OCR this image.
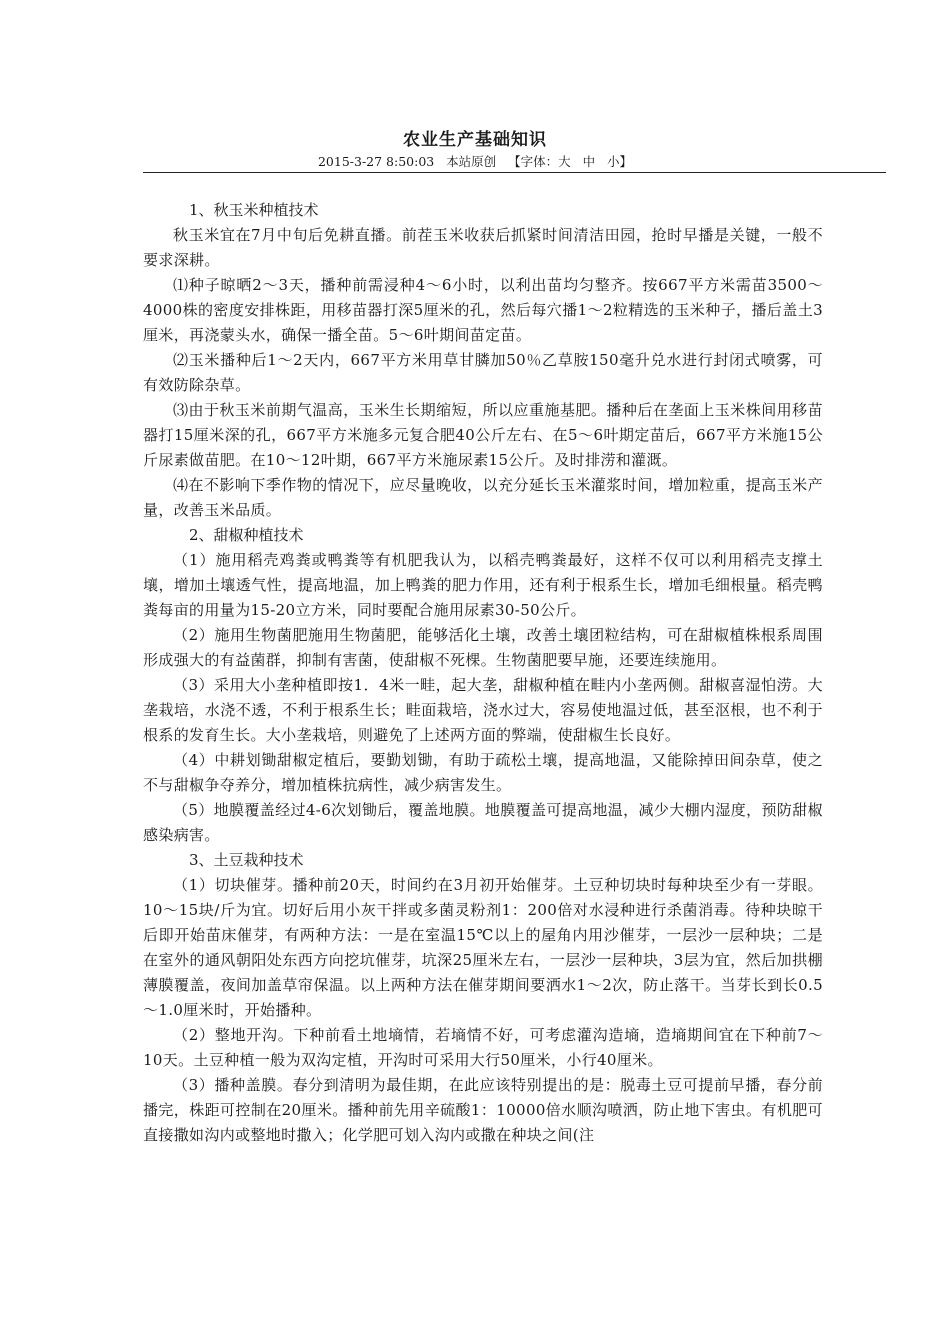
农业生产基础知识
2015-3-27 8:50:03 本站原创 【字体：大 中 小】

1、秋玉米种植技术

秋玉米宜在7月中旬后免耕直播。前茬玉米收获后抓紧时间清洁田园，抢时早播是关键，一般不要求深耕。

⑴种子晾晒2～3天，播种前需浸种4～6小时，以利出苗均匀整齐。按667平方米需苗3500～4000株的密度安排株距，用移苗器打深5厘米的孔，然后每穴播1～2粒精选的玉米种子，播后盖土3厘米，再浇蒙头水，确保一播全苗。5～6叶期间苗定苗。

⑵玉米播种后1～2天内，667平方米用草甘膦加50％乙草胺150毫升兑水进行封闭式喷雾，可有效防除杂草。

⑶由于秋玉米前期气温高，玉米生长期缩短，所以应重施基肥。播种后在垄面上玉米株间用移苗器打15厘米深的孔，667平方米施多元复合肥40公斤左右、在5～6叶期定苗后，667平方米施15公斤尿素做苗肥。在10～12叶期，667平方米施尿素15公斤。及时排涝和灌溉。

⑷在不影响下季作物的情况下，应尽量晚收，以充分延长玉米灌浆时间，增加粒重，提高玉米产量，改善玉米品质。

2、甜椒种植技术

（1）施用稻壳鸡粪或鸭粪等有机肥我认为，以稻壳鸭粪最好，这样不仅可以利用稻壳支撑土壤，增加土壤透气性，提高地温，加上鸭粪的肥力作用，还有利于根系生长，增加毛细根量。稻壳鸭粪每亩的用量为15-20立方米，同时要配合施用尿素30-50公斤。

（2）施用生物菌肥施用生物菌肥，能够活化土壤，改善土壤团粒结构，可在甜椒植株根系周围形成强大的有益菌群，抑制有害菌，使甜椒不死棵。生物菌肥要早施，还要连续施用。

（3）采用大小垄种植即按1．4米一畦，起大垄，甜椒种植在畦内小垄两侧。甜椒喜湿怕涝。大垄栽培，水浇不透，不利于根系生长；畦面栽培，浇水过大，容易使地温过低，甚至沤根，也不利于根系的发育生长。大小垄栽培，则避免了上述两方面的弊端，使甜椒生长良好。

（4）中耕划锄甜椒定植后，要勤划锄，有助于疏松土壤，提高地温，又能除掉田间杂草，使之不与甜椒争夺养分，增加植株抗病性，减少病害发生。

（5）地膜覆盖经过4-6次划锄后，覆盖地膜。地膜覆盖可提高地温，减少大棚内湿度，预防甜椒感染病害。

3、土豆栽种技术

（1）切块催芽。播种前20天，时间约在3月初开始催芽。土豆种切块时每种块至少有一芽眼。10～15块/斤为宜。切好后用小灰干拌或多菌灵粉剂1：200倍对水浸种进行杀菌消毒。待种块晾干后即开始苗床催芽，有两种方法：一是在室温15℃以上的屋角内用沙催芽，一层沙一层种块；二是在室外的通风朝阳处东西方向挖坑催芽，坑深25厘米左右，一层沙一层种块，3层为宜，然后加拱棚薄膜覆盖，夜间加盖草帘保温。以上两种方法在催芽期间要洒水1～2次，防止落干。当芽长到长0.5～1.0厘米时，开始播种。

（2）整地开沟。下种前看土地墒情，若墒情不好，可考虑灌沟造墒，造墒期间宜在下种前7～10天。土豆种植一般为双沟定植，开沟时可采用大行50厘米，小行40厘米。

（3）播种盖膜。春分到清明为最佳期，在此应该特别提出的是：脱毒土豆可提前早播，春分前播完，株距可控制在20厘米。播种前先用辛硫酸1：10000倍水顺沟喷洒，防止地下害虫。有机肥可直接撒如沟内或整地时撒入；化学肥可划入沟内或撒在种块之间(注
